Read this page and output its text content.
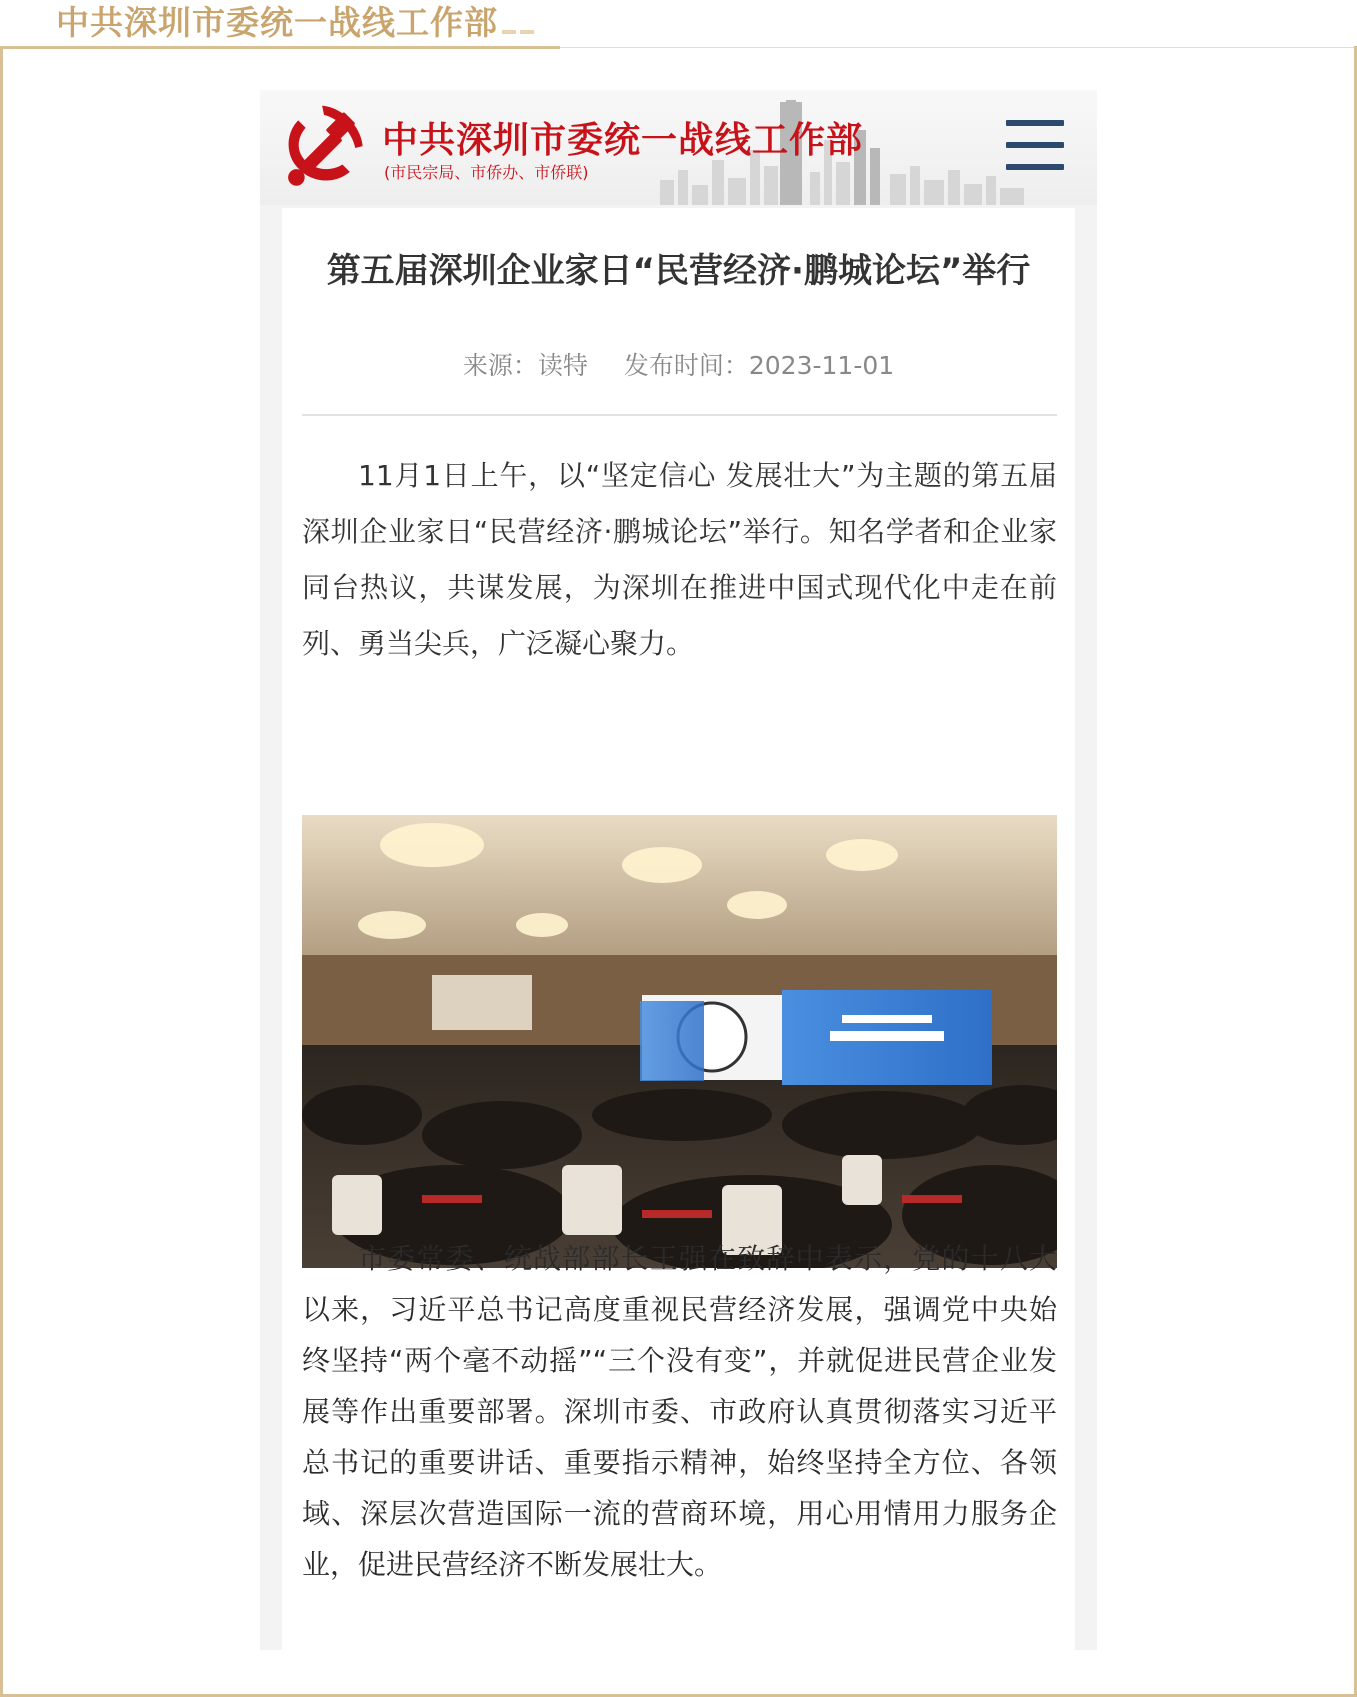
中共深圳市委统一战线工作部
中共深圳市委统一战线工作部
(市民宗局、市侨办、市侨联)
第五届深圳企业家日“民营经济·鹏城论坛”举行
来源：读特 发布时间：2023-11-01

11月1日上午，以“坚定信心 发展壮大”为主题的第五届深圳企业家日“民营经济·鹏城论坛”举行。知名学者和企业家同台热议，共谋发展，为深圳在推进中国式现代化中走在前列、勇当尖兵，广泛凝心聚力。

市委常委、统战部部长王强在致辞中表示，党的十八大以来，习近平总书记高度重视民营经济发展，强调党中央始终坚持“两个毫不动摇”“三个没有变”，并就促进民营企业发展等作出重要部署。深圳市委、市政府认真贯彻落实习近平总书记的重要讲话、重要指示精神，始终坚持全方位、各领域、深层次营造国际一流的营商环境，用心用情用力服务企业，促进民营经济不断发展壮大。
